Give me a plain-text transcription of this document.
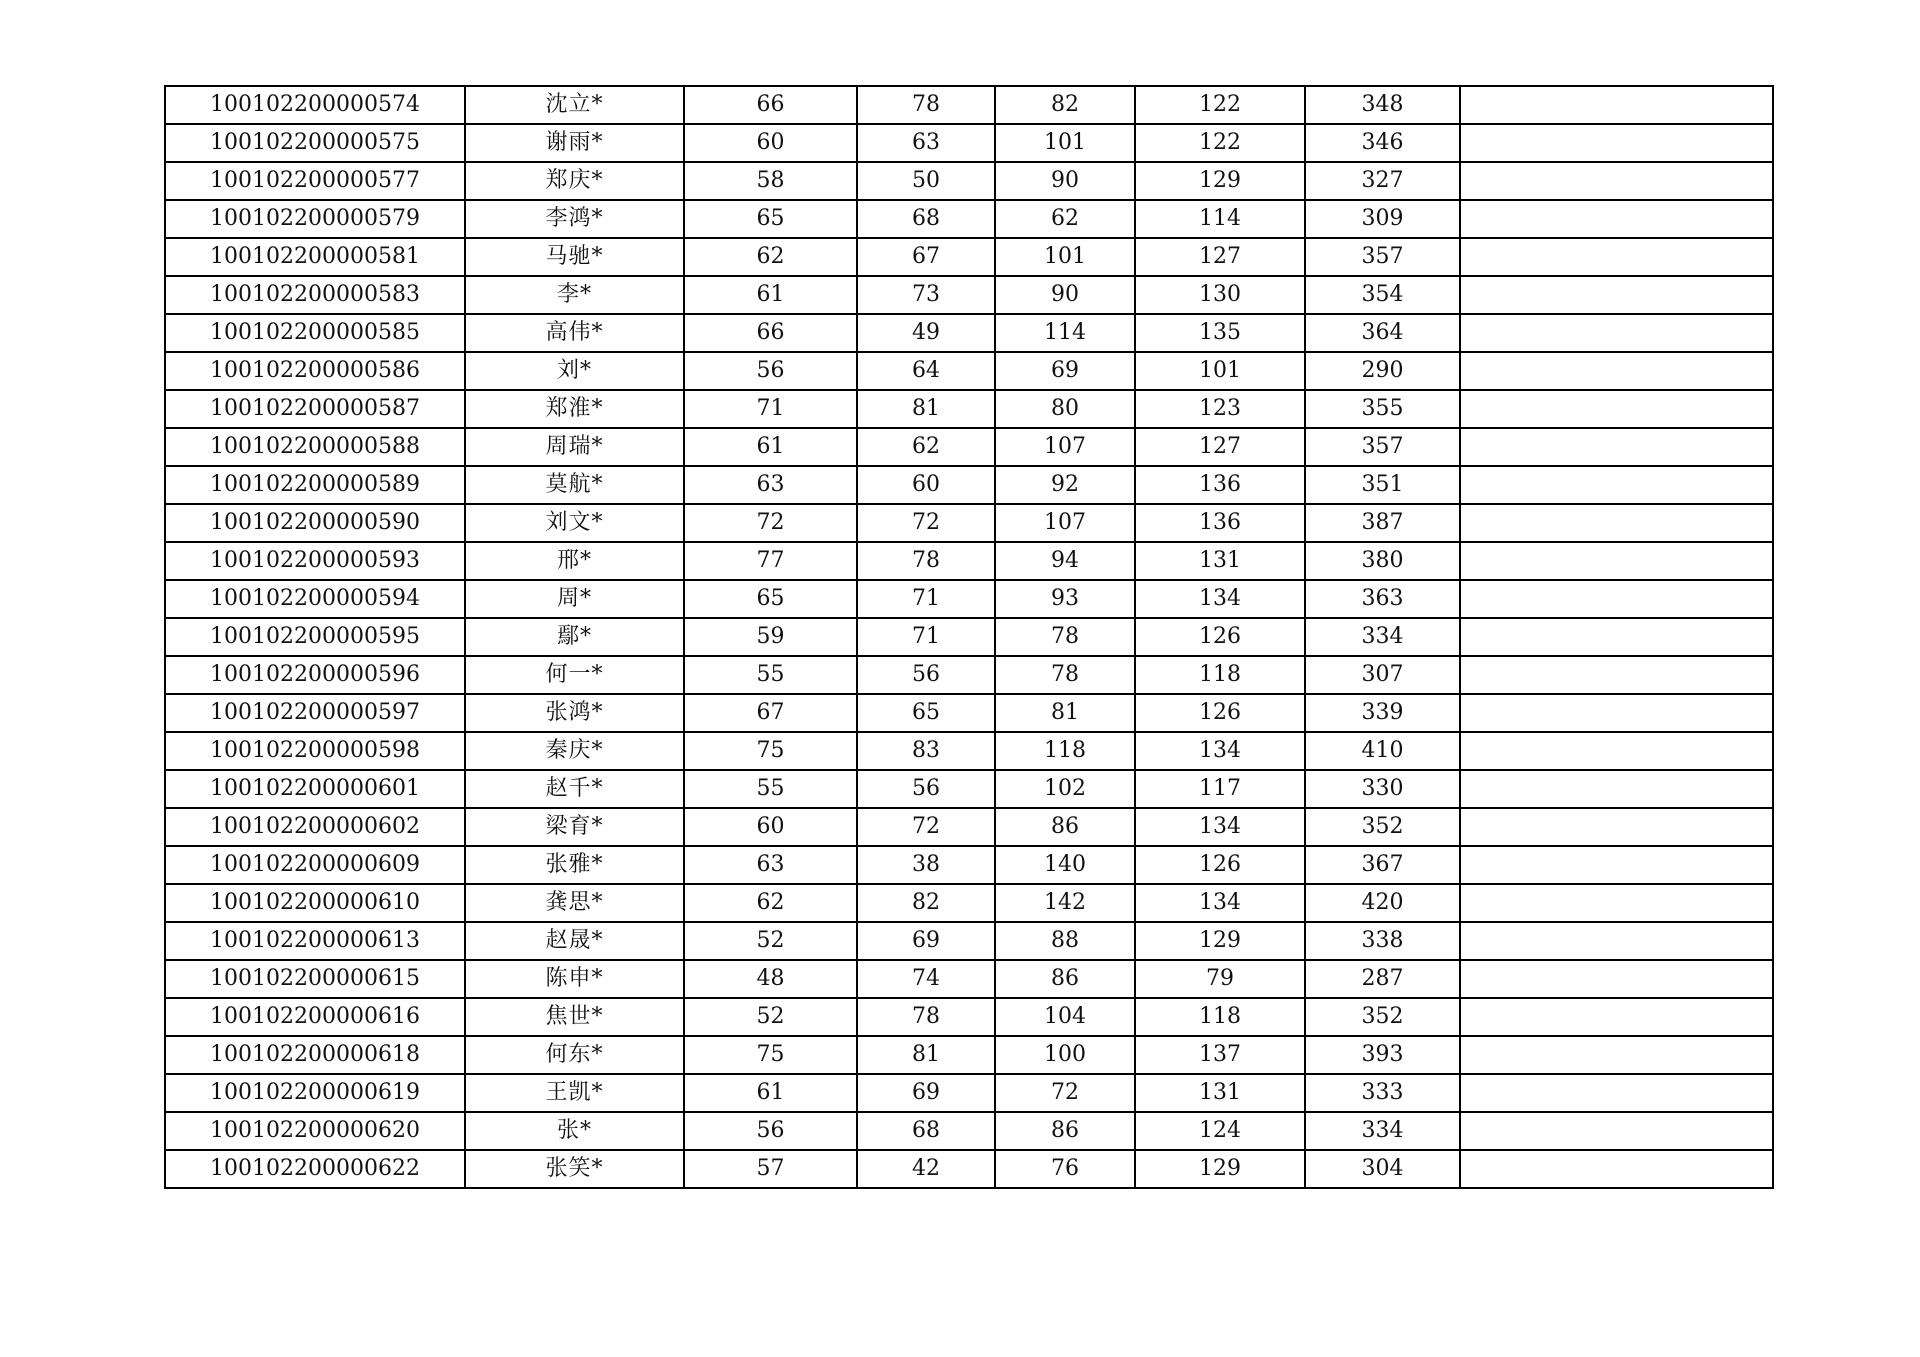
100102200000574	沈立*	66	78	82	122	348	
100102200000575	谢雨*	60	63	101	122	346	
100102200000577	郑庆*	58	50	90	129	327	
100102200000579	李鸿*	65	68	62	114	309	
100102200000581	马驰*	62	67	101	127	357	
100102200000583	李*	61	73	90	130	354	
100102200000585	高伟*	66	49	114	135	364	
100102200000586	刘*	56	64	69	101	290	
100102200000587	郑淮*	71	81	80	123	355	
100102200000588	周瑞*	61	62	107	127	357	
100102200000589	莫航*	63	60	92	136	351	
100102200000590	刘文*	72	72	107	136	387	
100102200000593	邢*	77	78	94	131	380	
100102200000594	周*	65	71	93	134	363	
100102200000595	鄢*	59	71	78	126	334	
100102200000596	何一*	55	56	78	118	307	
100102200000597	张鸿*	67	65	81	126	339	
100102200000598	秦庆*	75	83	118	134	410	
100102200000601	赵千*	55	56	102	117	330	
100102200000602	梁育*	60	72	86	134	352	
100102200000609	张雅*	63	38	140	126	367	
100102200000610	龚思*	62	82	142	134	420	
100102200000613	赵晟*	52	69	88	129	338	
100102200000615	陈申*	48	74	86	79	287	
100102200000616	焦世*	52	78	104	118	352	
100102200000618	何东*	75	81	100	137	393	
100102200000619	王凯*	61	69	72	131	333	
100102200000620	张*	56	68	86	124	334	
100102200000622	张笑*	57	42	76	129	304	
